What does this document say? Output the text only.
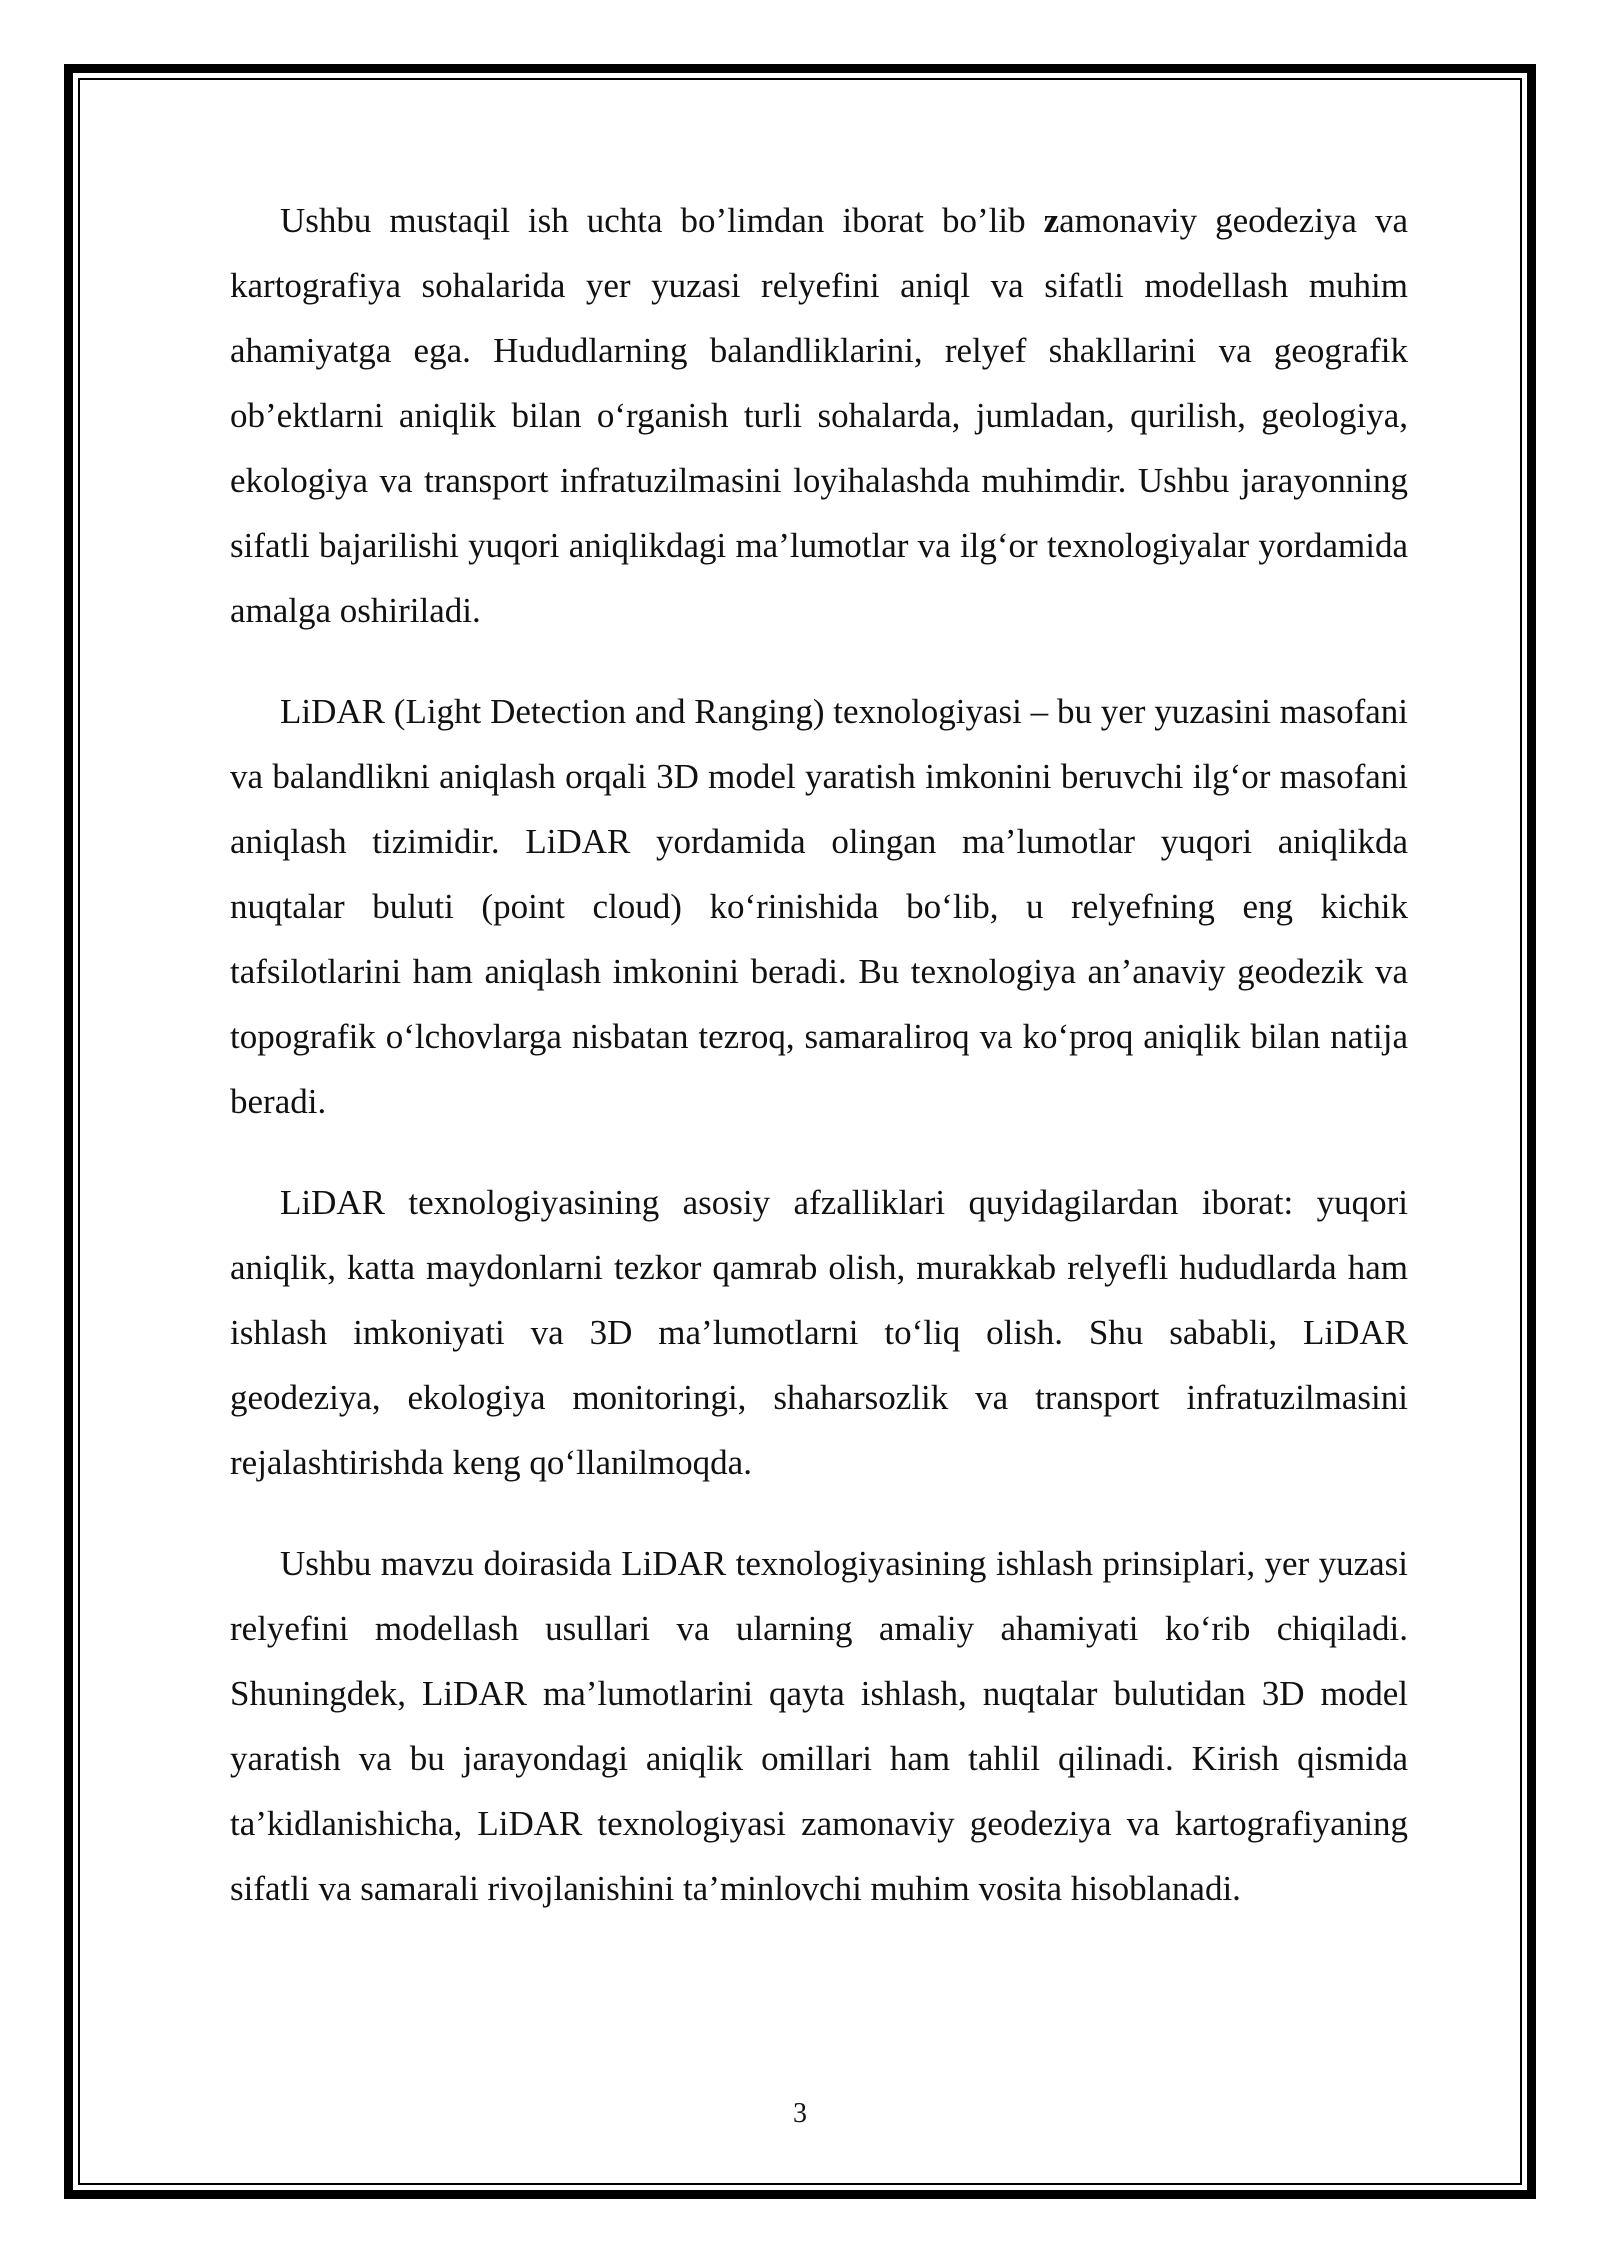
Ushbu mustaqil ish uchta bo’limdan iborat bo’lib zamonaviy geodeziya va kartografiya sohalarida yer yuzasi relyefini aniql va sifatli modellash muhim ahamiyatga ega. Hududlarning balandliklarini, relyef shakllarini va geografik ob’ektlarni aniqlik bilan o‘rganish turli sohalarda, jumladan, qurilish, geologiya, ekologiya va transport infratuzilmasini loyihalashda muhimdir. Ushbu jarayonning sifatli bajarilishi yuqori aniqlikdagi ma’lumotlar va ilg‘or texnologiyalar yordamida amalga oshiriladi.

LiDAR (Light Detection and Ranging) texnologiyasi – bu yer yuzasini masofani va balandlikni aniqlash orqali 3D model yaratish imkonini beruvchi ilg‘or masofani aniqlash tizimidir. LiDAR yordamida olingan ma’lumotlar yuqori aniqlikda nuqtalar buluti (point cloud) ko‘rinishida bo‘lib, u relyefning eng kichik tafsilotlarini ham aniqlash imkonini beradi. Bu texnologiya an’anaviy geodezik va topografik o‘lchovlarga nisbatan tezroq, samaraliroq va ko‘proq aniqlik bilan natija beradi.

LiDAR texnologiyasining asosiy afzalliklari quyidagilardan iborat: yuqori aniqlik, katta maydonlarni tezkor qamrab olish, murakkab relyefli hududlarda ham ishlash imkoniyati va 3D ma’lumotlarni to‘liq olish. Shu sababli, LiDAR geodeziya, ekologiya monitoringi, shaharsozlik va transport infratuzilmasini rejalashtirishda keng qo‘llanilmoqda.

Ushbu mavzu doirasida LiDAR texnologiyasining ishlash prinsiplari, yer yuzasi relyefini modellash usullari va ularning amaliy ahamiyati ko‘rib chiqiladi. Shuningdek, LiDAR ma’lumotlarini qayta ishlash, nuqtalar bulutidan 3D model yaratish va bu jarayondagi aniqlik omillari ham tahlil qilinadi. Kirish qismida ta’kidlanishicha, LiDAR texnologiyasi zamonaviy geodeziya va kartografiyaning sifatli va samarali rivojlanishini ta’minlovchi muhim vosita hisoblanadi.

3
